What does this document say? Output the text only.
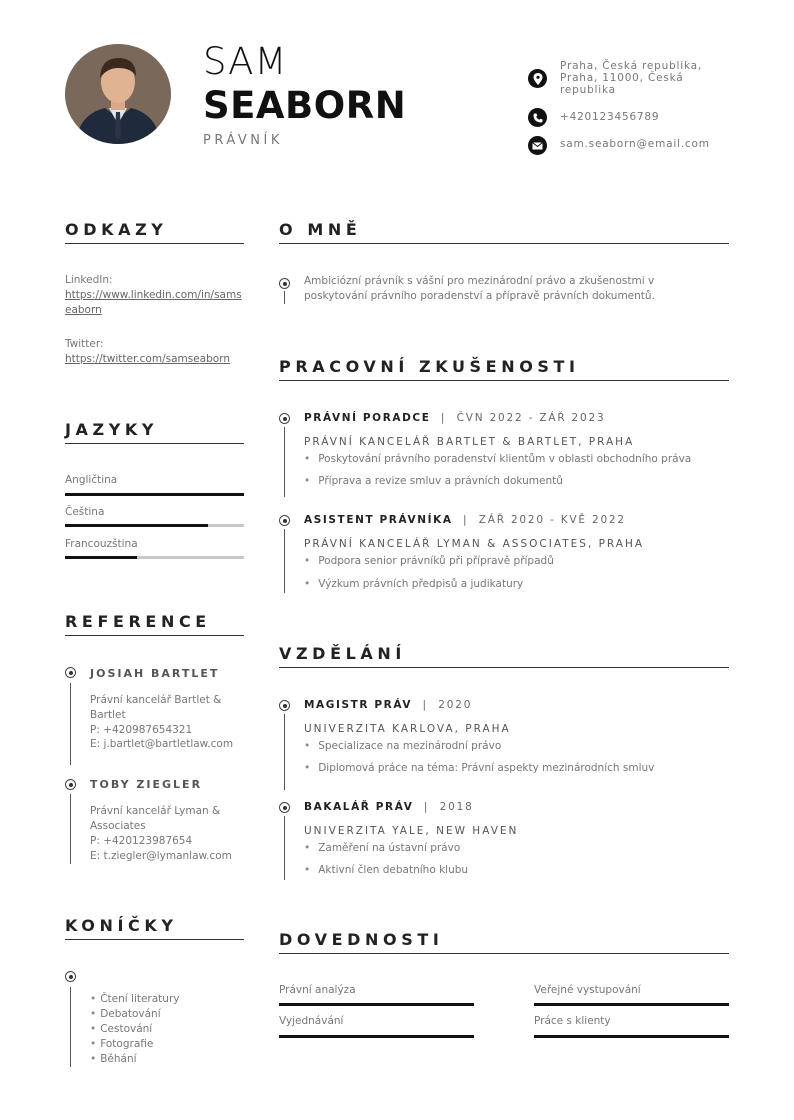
SAM
SEABORN
PRÁVNÍK
Praha, Česká republika, Praha, 11000, Česká republika
+420123456789
sam.seaborn@email.com
ODKAZY
LinkedIn:
https://www.linkedin.com/in/samseaborn
Twitter:
https://twitter.com/samseaborn
JAZYKY
Angličtina
Čeština
Francouzština
REFERENCE
JOSIAH BARTLET
Právní kancelář Bartlet & Bartlet
P: +420987654321
E: j.bartlet@bartletlaw.com
TOBY ZIEGLER
Právní kancelář Lyman & Associates
P: +420123987654
E: t.ziegler@lymanlaw.com
KONÍČKY
• Čtení literatury
• Debatování
• Cestování
• Fotografie
• Běhání
O MNĚ
Ambiciózní právník s vášní pro mezinárodní právo a zkušenostmi v poskytování právního poradenství a přípravě právních dokumentů.
PRACOVNÍ ZKUŠENOSTI
PRÁVNÍ PORADCE  |  ČVN 2022 - ZÁŘ 2023
PRÁVNÍ KANCELÁŘ BARTLET & BARTLET, PRAHA
• Poskytování právního poradenství klientům v oblasti obchodního práva
• Příprava a revize smluv a právních dokumentů
ASISTENT PRÁVNÍKA  |  ZÁŘ 2020 - KVĚ 2022
PRÁVNÍ KANCELÁŘ LYMAN & ASSOCIATES, PRAHA
• Podpora senior právníků při přípravě případů
• Výzkum právních předpisů a judikatury
VZDĚLÁNÍ
MAGISTR PRÁV  |  2020
UNIVERZITA KARLOVA, PRAHA
• Specializace na mezinárodní právo
• Diplomová práce na téma: Právní aspekty mezinárodních smluv
BAKALÁŘ PRÁV  |  2018
UNIVERZITA YALE, NEW HAVEN
• Zaměření na ústavní právo
• Aktivní člen debatního klubu
DOVEDNOSTI
Právní analýza	Veřejné vystupování
Vyjednávání	Práce s klienty
